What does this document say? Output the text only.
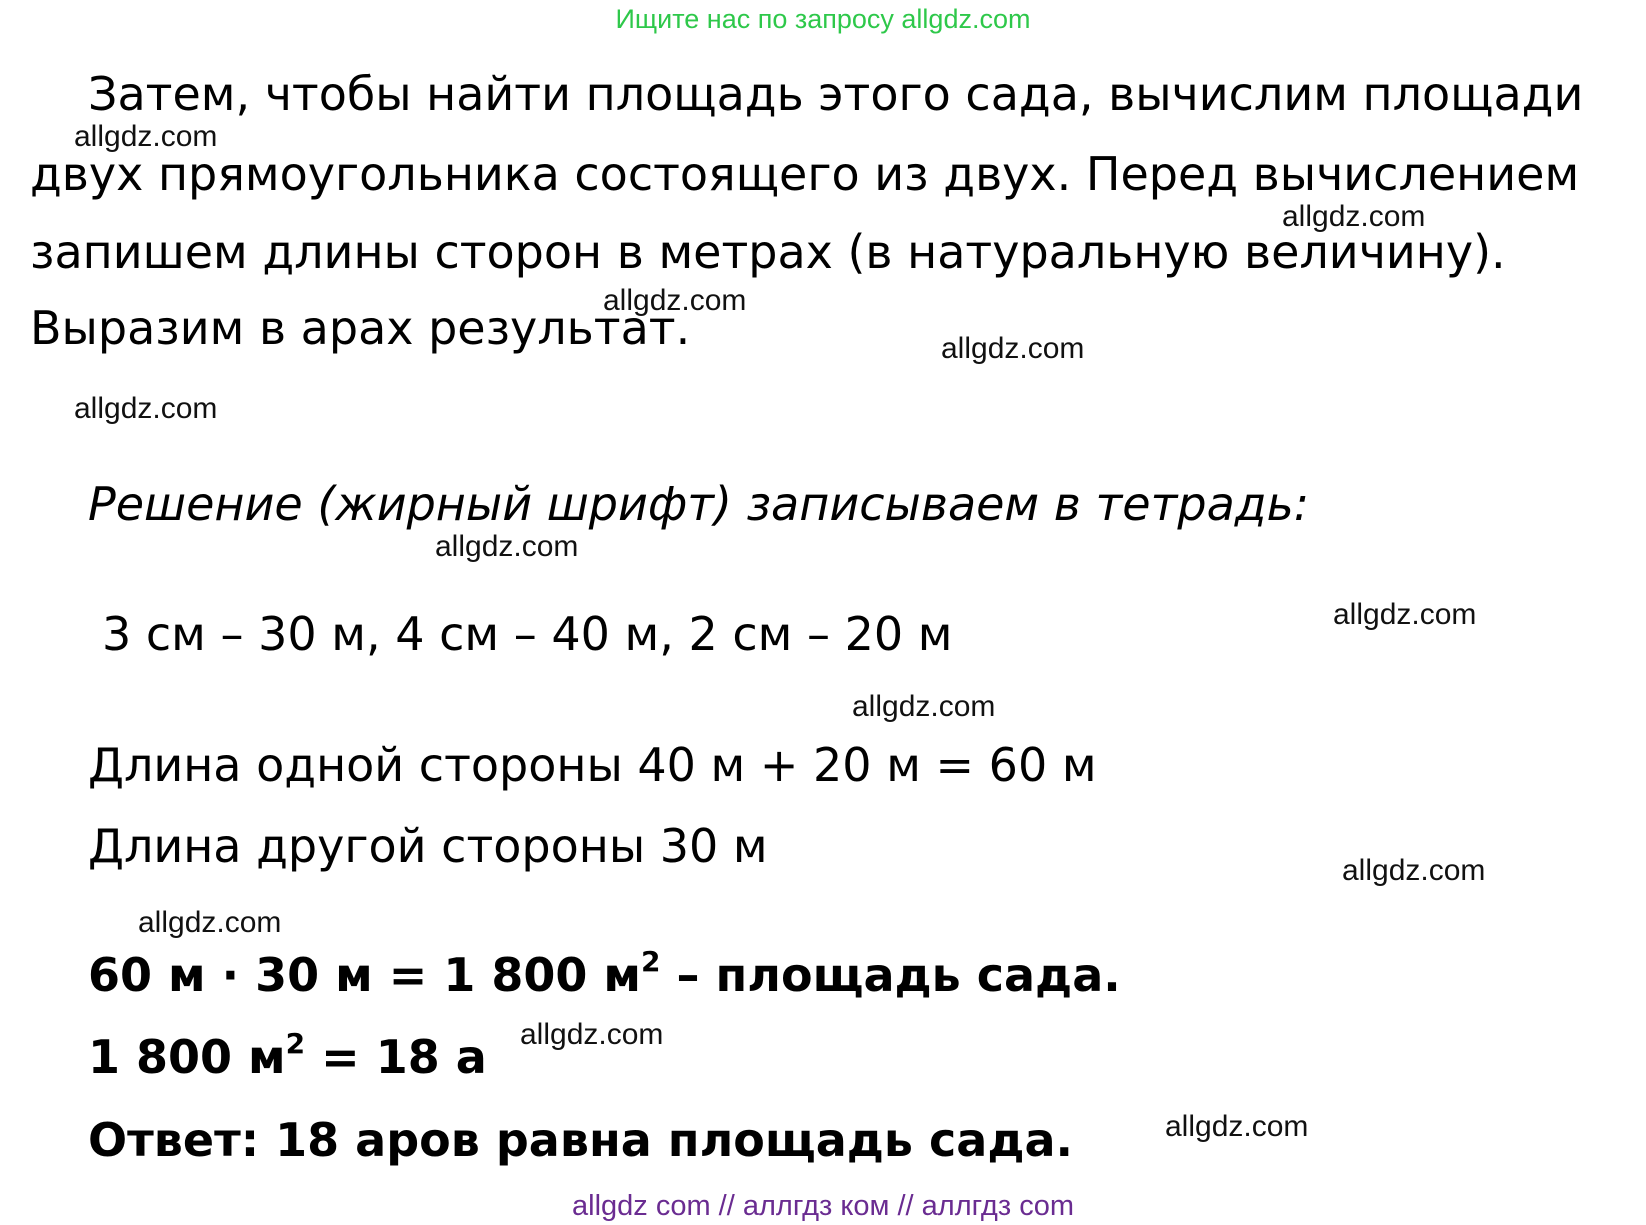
Ищите нас по запросу allgdz.com
Затем, чтобы найти площадь этого сада, вычислим площади
двух прямоугольника состоящего из двух. Перед вычислением
запишем длины сторон в метрах (в натуральную величину).
Выразим в арах результат.
Решение (жирный шрифт) записываем в тетрадь:
3 см – 30 м, 4 см – 40 м, 2 см – 20 м
Длина одной стороны 40 м + 20 м = 60 м
Длина другой стороны 30 м
60 м · 30 м = 1 800 $м^2$ – площадь сада.
1 800 $м^2 = 18$ а
Ответ: 18 аров равна площадь сада.
allgdz.com
allgdz.com
allgdz.com
allgdz.com
allgdz.com
allgdz.com
allgdz.com
allgdz.com
allgdz.com
allgdz.com
allgdz.com
allgdz.com
allgdz com // аллгдз ком // аллгдз com
